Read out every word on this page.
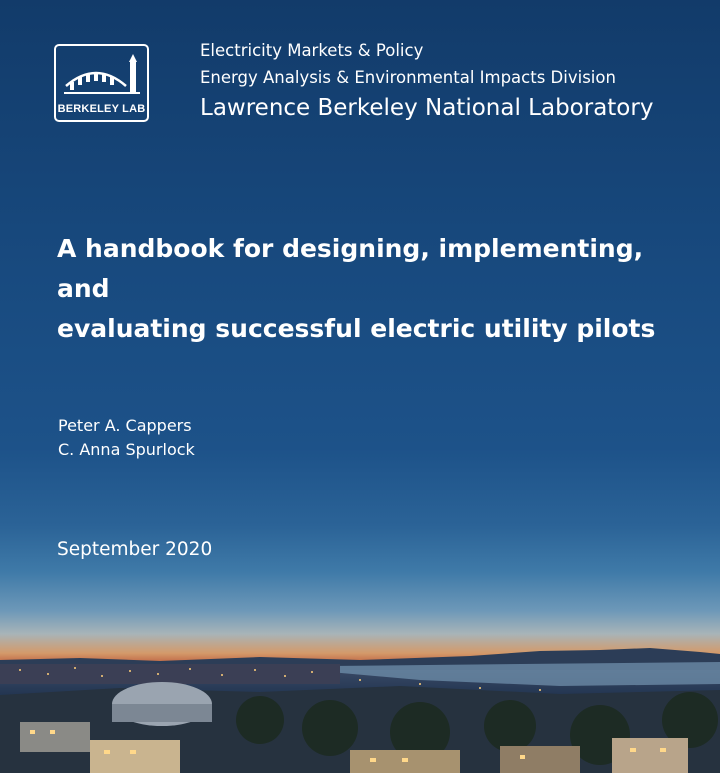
BERKELEY LAB
Electricity Markets & Policy
Energy Analysis & Environmental Impacts Division
Lawrence Berkeley National Laboratory
A handbook for designing, implementing, and
evaluating successful electric utility pilots
Peter A. Cappers
C. Anna Spurlock
September 2020
